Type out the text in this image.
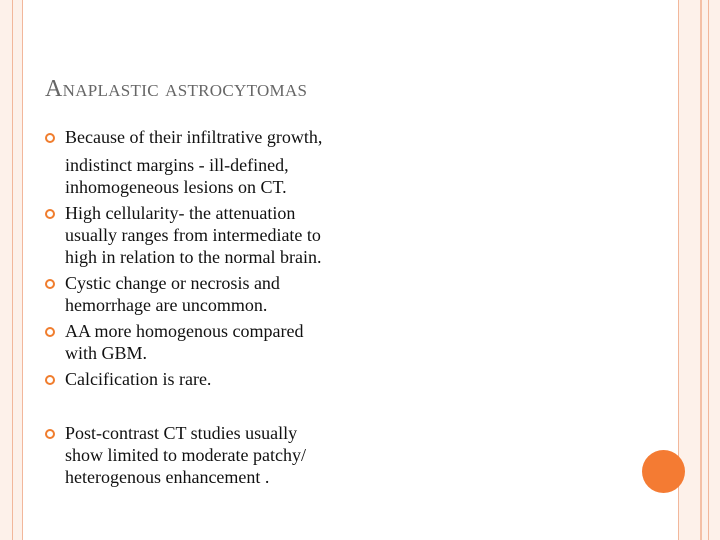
Anaplastic astrocytomas
Because of their infiltrative growth,
indistinct margins - ill-defined,
inhomogeneous lesions on CT.
High cellularity- the attenuation
usually ranges from intermediate to
high in relation to the normal brain.
Cystic change or necrosis and
hemorrhage are uncommon.
AA more homogenous compared
with GBM.
Calcification is rare.
Post-contrast CT studies usually
show limited to moderate patchy/
heterogenous enhancement .
